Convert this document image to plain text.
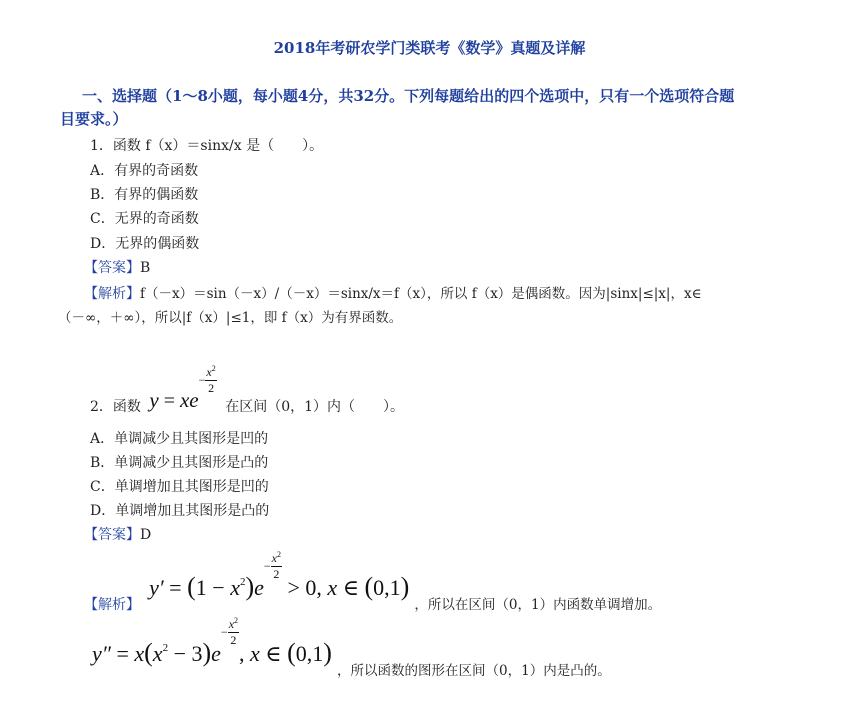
2018年考研农学门类联考《数学》真题及详解
一、选择题（1～8小题，每小题4分，共32分。下列每题给出的四个选项中，只有一个选项符合题
目要求。）
1．函数 f（x）＝sinx/x 是（　　）。
A．有界的奇函数
B．有界的偶函数
C．无界的奇函数
D．无界的偶函数
【答案】B
【解析】f（－x）＝sin（－x）/（－x）＝sinx/x＝f（x），所以 f（x）是偶函数。因为|sinx|≤|x|，x∈
（－∞，＋∞），所以|f（x）|≤1，即 f（x）为有界函数。
2．函数 $y = xe- \frac{x^2}{2}$
在区间（0，1）内（　　）。
A．单调减少且其图形是凹的
B．单调减少且其图形是凸的
C．单调增加且其图形是凹的
D．单调增加且其图形是凸的
【答案】D
【解析】 $y' = (1 - x^2)e- \frac{x^2}{2}$
> 0, x ∈ (0,1) $_{,所以在区间(0,1)内函数单调增加。}$
$y'' = x(x^2 - 3)e- \frac{x^2}{2}$
, x ∈ (0,1) $_{,所以函数的图形在区间(0,1)内是凸的。}$
